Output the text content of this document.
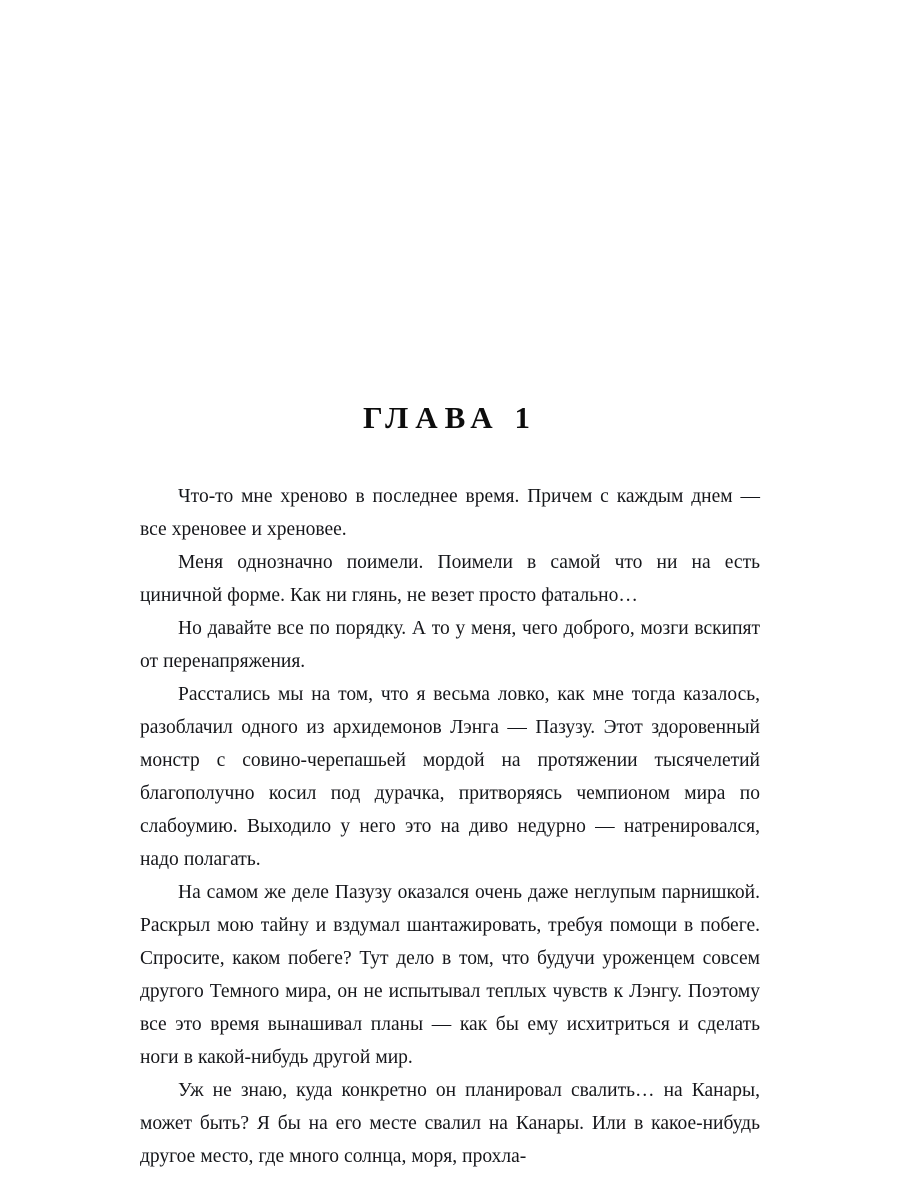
ГЛАВА 1

Что-то мне хреново в последнее время. Причем с каждым днем — все хреновее и хреновее.

Меня однозначно поимели. Поимели в самой что ни на есть циничной форме. Как ни глянь, не везет просто фатально…

Но давайте все по порядку. А то у меня, чего доброго, мозги вскипят от перенапряжения.

Расстались мы на том, что я весьма ловко, как мне тогда казалось, разоблачил одного из архидемонов Лэнга — Пазузу. Этот здоровенный монстр с совино-черепашьей мордой на протяжении тысячелетий благополучно косил под дурачка, притворяясь чемпионом мира по слабоумию. Выходило у него это на диво недурно — натренировался, надо полагать.

На самом же деле Пазузу оказался очень даже неглупым парнишкой. Раскрыл мою тайну и вздумал шантажировать, требуя помощи в побеге. Спросите, каком побеге? Тут дело в том, что будучи уроженцем совсем другого Темного мира, он не испытывал теплых чувств к Лэнгу. Поэтому все это время вынашивал планы — как бы ему исхитриться и сделать ноги в какой-нибудь другой мир.

Уж не знаю, куда конкретно он планировал свалить… на Канары, может быть? Я бы на его месте свалил на Канары. Или в какое-нибудь другое место, где много солнца, моря, прохла-
